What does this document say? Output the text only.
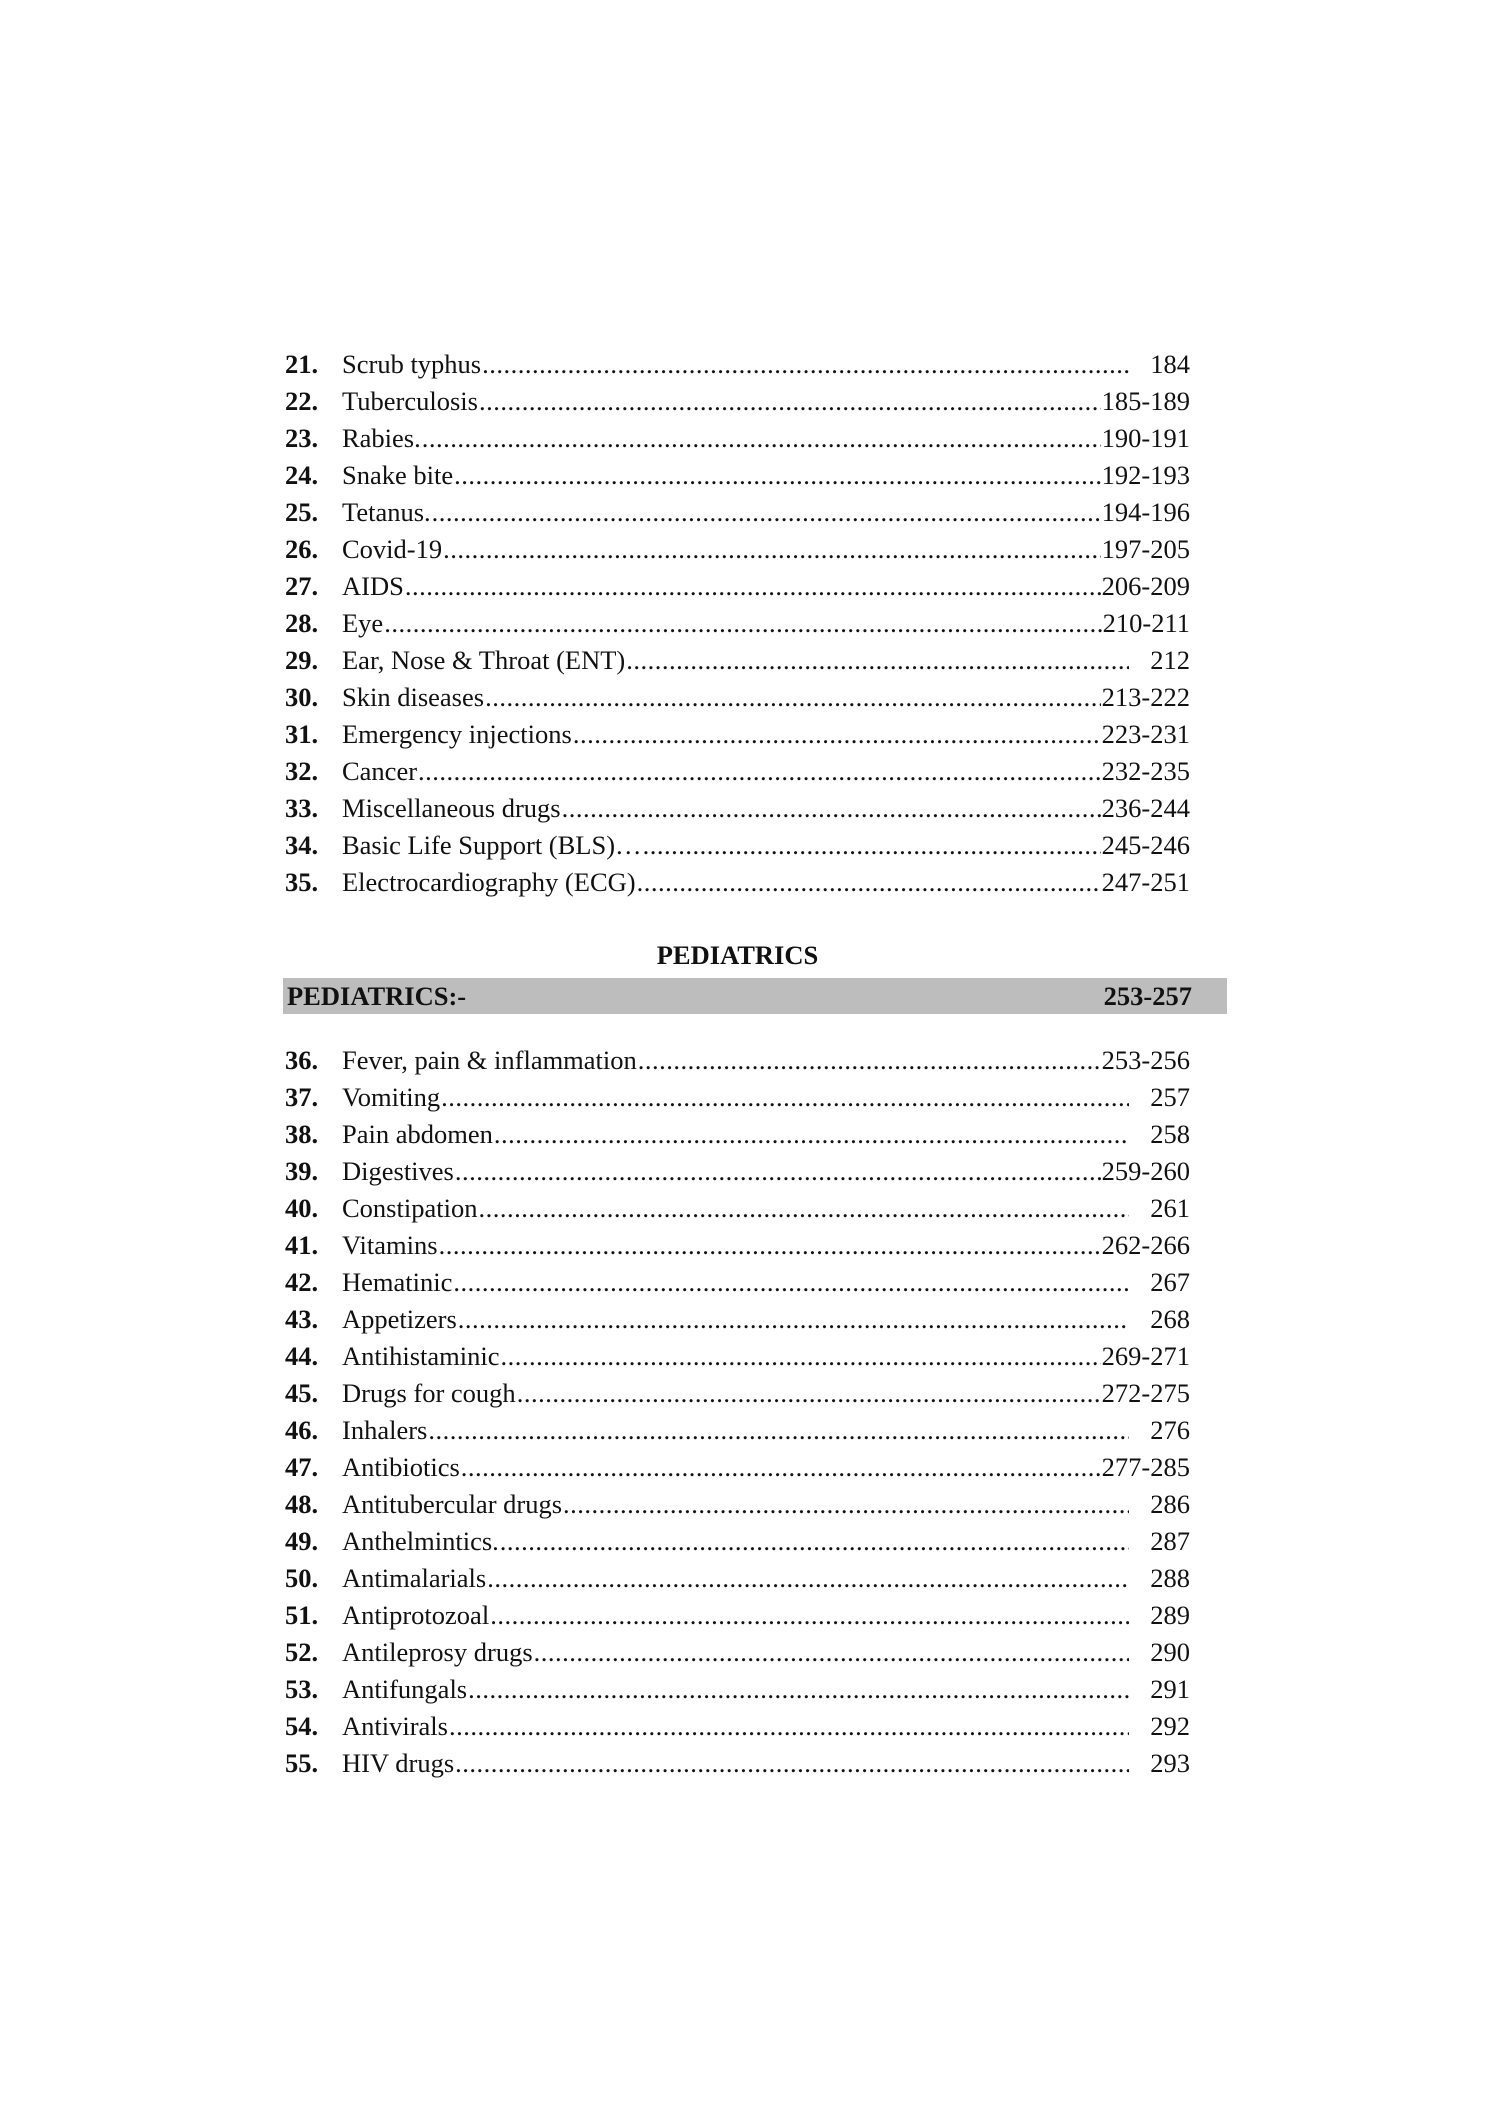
21. Scrub typhus .....	184
22. Tuberculosis .....	185-189
23. Rabies. .....	190-191
24. Snake bite .....	192-193
25. Tetanus. .....	194-196
26. Covid-19 .....	197-205
27. AIDS .....	206-209
28. Eye .....	210-211
29. Ear, Nose & Throat (ENT) .....	212
30. Skin diseases .....	213-222
31. Emergency injections .....	223-231
32. Cancer .....	232-235
33. Miscellaneous drugs .....	236-244
34. Basic Life Support (BLS)… .....	245-246
35. Electrocardiography (ECG) .....	247-251
PEDIATRICS
PEDIATRICS:-	253-257
36. Fever, pain & inflammation .....	253-256
37. Vomiting .....	257
38. Pain abdomen .....	258
39. Digestives .....	259-260
40. Constipation .....	261
41. Vitamins .....	262-266
42. Hematinic .....	267
43. Appetizers .....	268
44. Antihistaminic .....	269-271
45. Drugs for cough .....	272-275
46. Inhalers .....	276
47. Antibiotics .....	277-285
48. Antitubercular drugs .....	286
49. Anthelmintics. .....	287
50. Antimalarials .....	288
51. Antiprotozoal .....	289
52. Antileprosy drugs .....	290
53. Antifungals .....	291
54. Antivirals .....	292
55. HIV drugs .....	293
